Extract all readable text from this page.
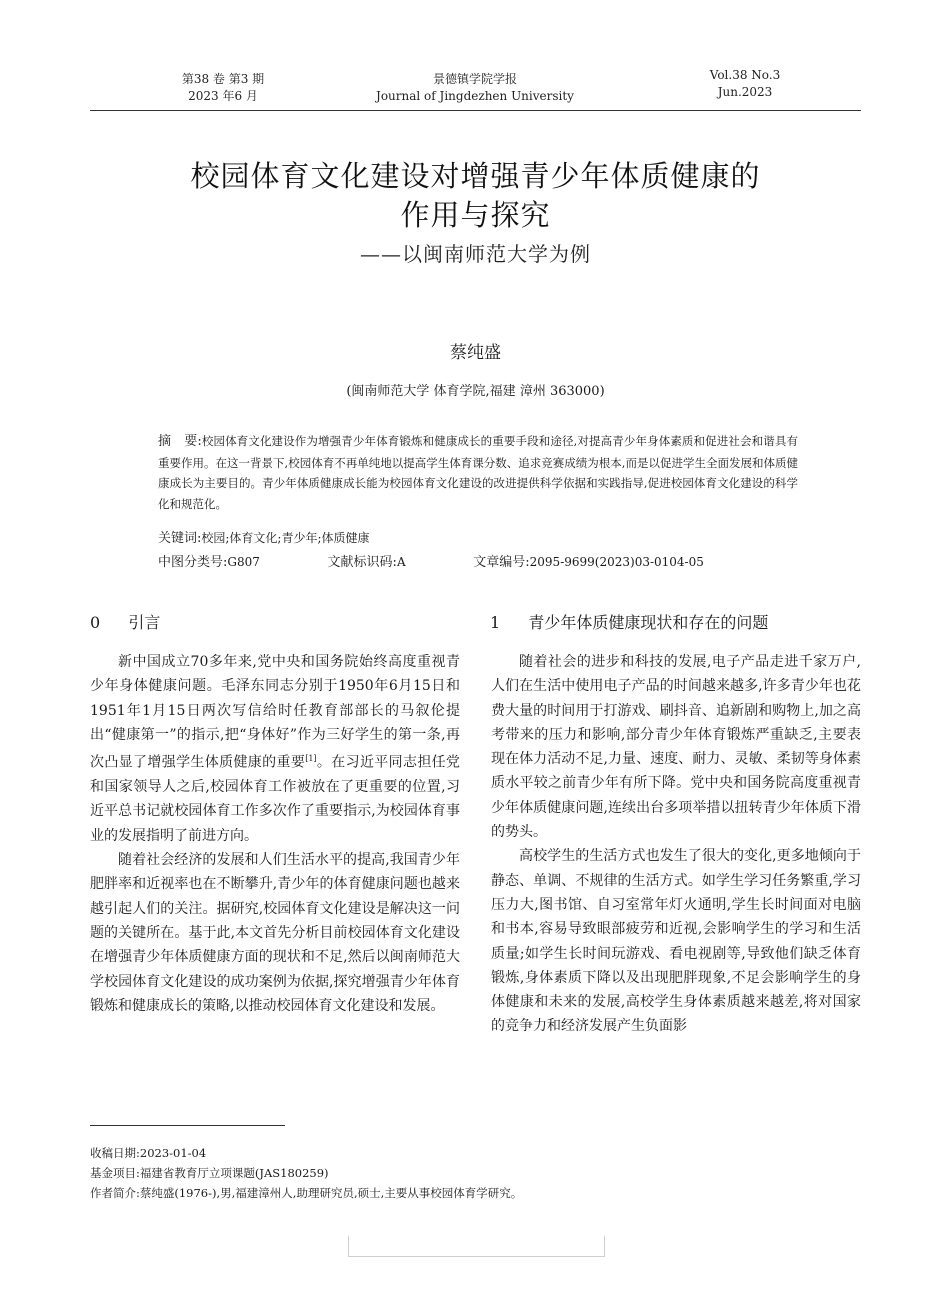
第38 卷 第3 期
2023 年6 月
景德镇学院学报
Journal of Jingdezhen University
Vol.38 No.3
Jun.2023
校园体育文化建设对增强青少年体质健康的
作用与探究
——以闽南师范大学为例
蔡纯盛
(闽南师范大学 体育学院,福建 漳州 363000)
摘　要:校园体育文化建设作为增强青少年体育锻炼和健康成长的重要手段和途径,对提高青少年身体素质和促进社会和谐具有重要作用。在这一背景下,校园体育不再单纯地以提高学生体育课分数、追求竞赛成绩为根本,而是以促进学生全面发展和体质健康成长为主要目的。青少年体质健康成长能为校园体育文化建设的改进提供科学依据和实践指导,促进校园体育文化建设的科学化和规范化。
关键词:校园;体育文化;青少年;体质健康
中图分类号:G807	文献标识码:A	文章编号:2095-9699(2023)03-0104-05
0 引言

新中国成立70多年来,党中央和国务院始终高度重视青少年身体健康问题。毛泽东同志分别于1950年6月15日和1951年1月15日两次写信给时任教育部部长的马叙伦提出“健康第一”的指示,把“身体好”作为三好学生的第一条,再次凸显了增强学生体质健康的重要[1]。在习近平同志担任党和国家领导人之后,校园体育工作被放在了更重要的位置,习近平总书记就校园体育工作多次作了重要指示,为校园体育事业的发展指明了前进方向。

随着社会经济的发展和人们生活水平的提高,我国青少年肥胖率和近视率也在不断攀升,青少年的体育健康问题也越来越引起人们的关注。据研究,校园体育文化建设是解决这一问题的关键所在。基于此,本文首先分析目前校园体育文化建设在增强青少年体质健康方面的现状和不足,然后以闽南师范大学校园体育文化建设的成功案例为依据,探究增强青少年体育锻炼和健康成长的策略,以推动校园体育文化建设和发展。

1 青少年体质健康现状和存在的问题

随着社会的进步和科技的发展,电子产品走进千家万户,人们在生活中使用电子产品的时间越来越多,许多青少年也花费大量的时间用于打游戏、刷抖音、追新剧和购物上,加之高考带来的压力和影响,部分青少年体育锻炼严重缺乏,主要表现在体力活动不足,力量、速度、耐力、灵敏、柔韧等身体素质水平较之前青少年有所下降。党中央和国务院高度重视青少年体质健康问题,连续出台多项举措以扭转青少年体质下滑的势头。

高校学生的生活方式也发生了很大的变化,更多地倾向于静态、单调、不规律的生活方式。如学生学习任务繁重,学习压力大,图书馆、自习室常年灯火通明,学生长时间面对电脑和书本,容易导致眼部疲劳和近视,会影响学生的学习和生活质量;如学生长时间玩游戏、看电视剧等,导致他们缺乏体育锻炼,身体素质下降以及出现肥胖现象,不足会影响学生的身体健康和未来的发展,高校学生身体素质越来越差,将对国家的竞争力和经济发展产生负面影

收稿日期:2023-01-04
基金项目:福建省教育厅立项课题(JAS180259)
作者简介:蔡纯盛(1976-),男,福建漳州人,助理研究员,硕士,主要从事校园体育学研究。
